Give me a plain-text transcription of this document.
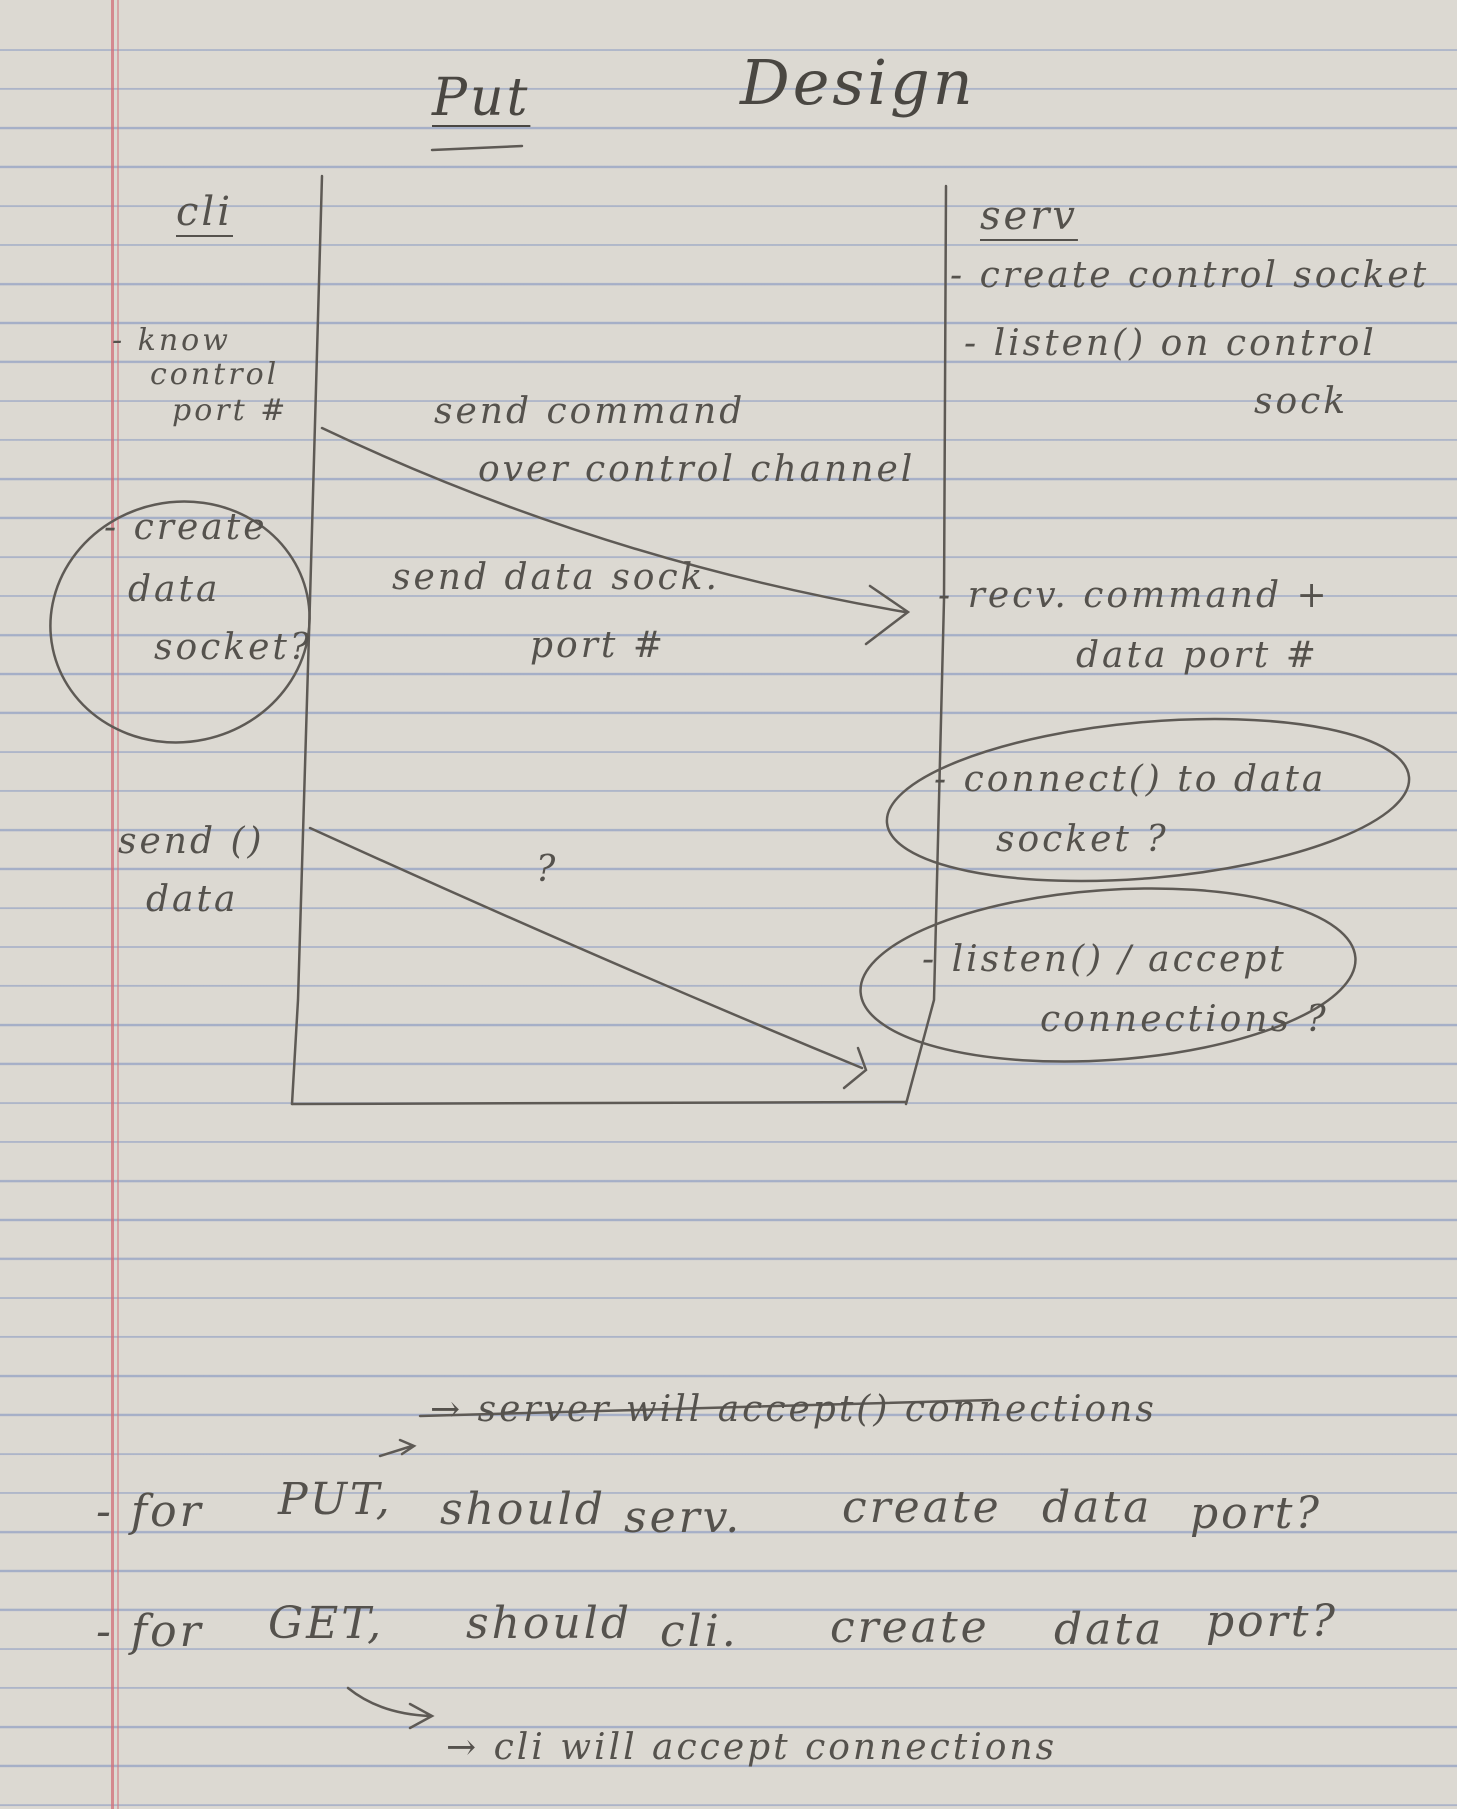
Put	Design
cli
- know
control
port #
- create
data
socket?
send ()
data
send command
over control channel
send data sock.
port #
?
serv
- create control socket
- listen() on control
sock
- recv. command +
data port #
- connect() to data
socket ?
- listen() / accept
connections ?
→ server will accept() connections
- for PUT, should serv. create data port?
- for GET, should cli. create data port?
→ cli will accept connections
